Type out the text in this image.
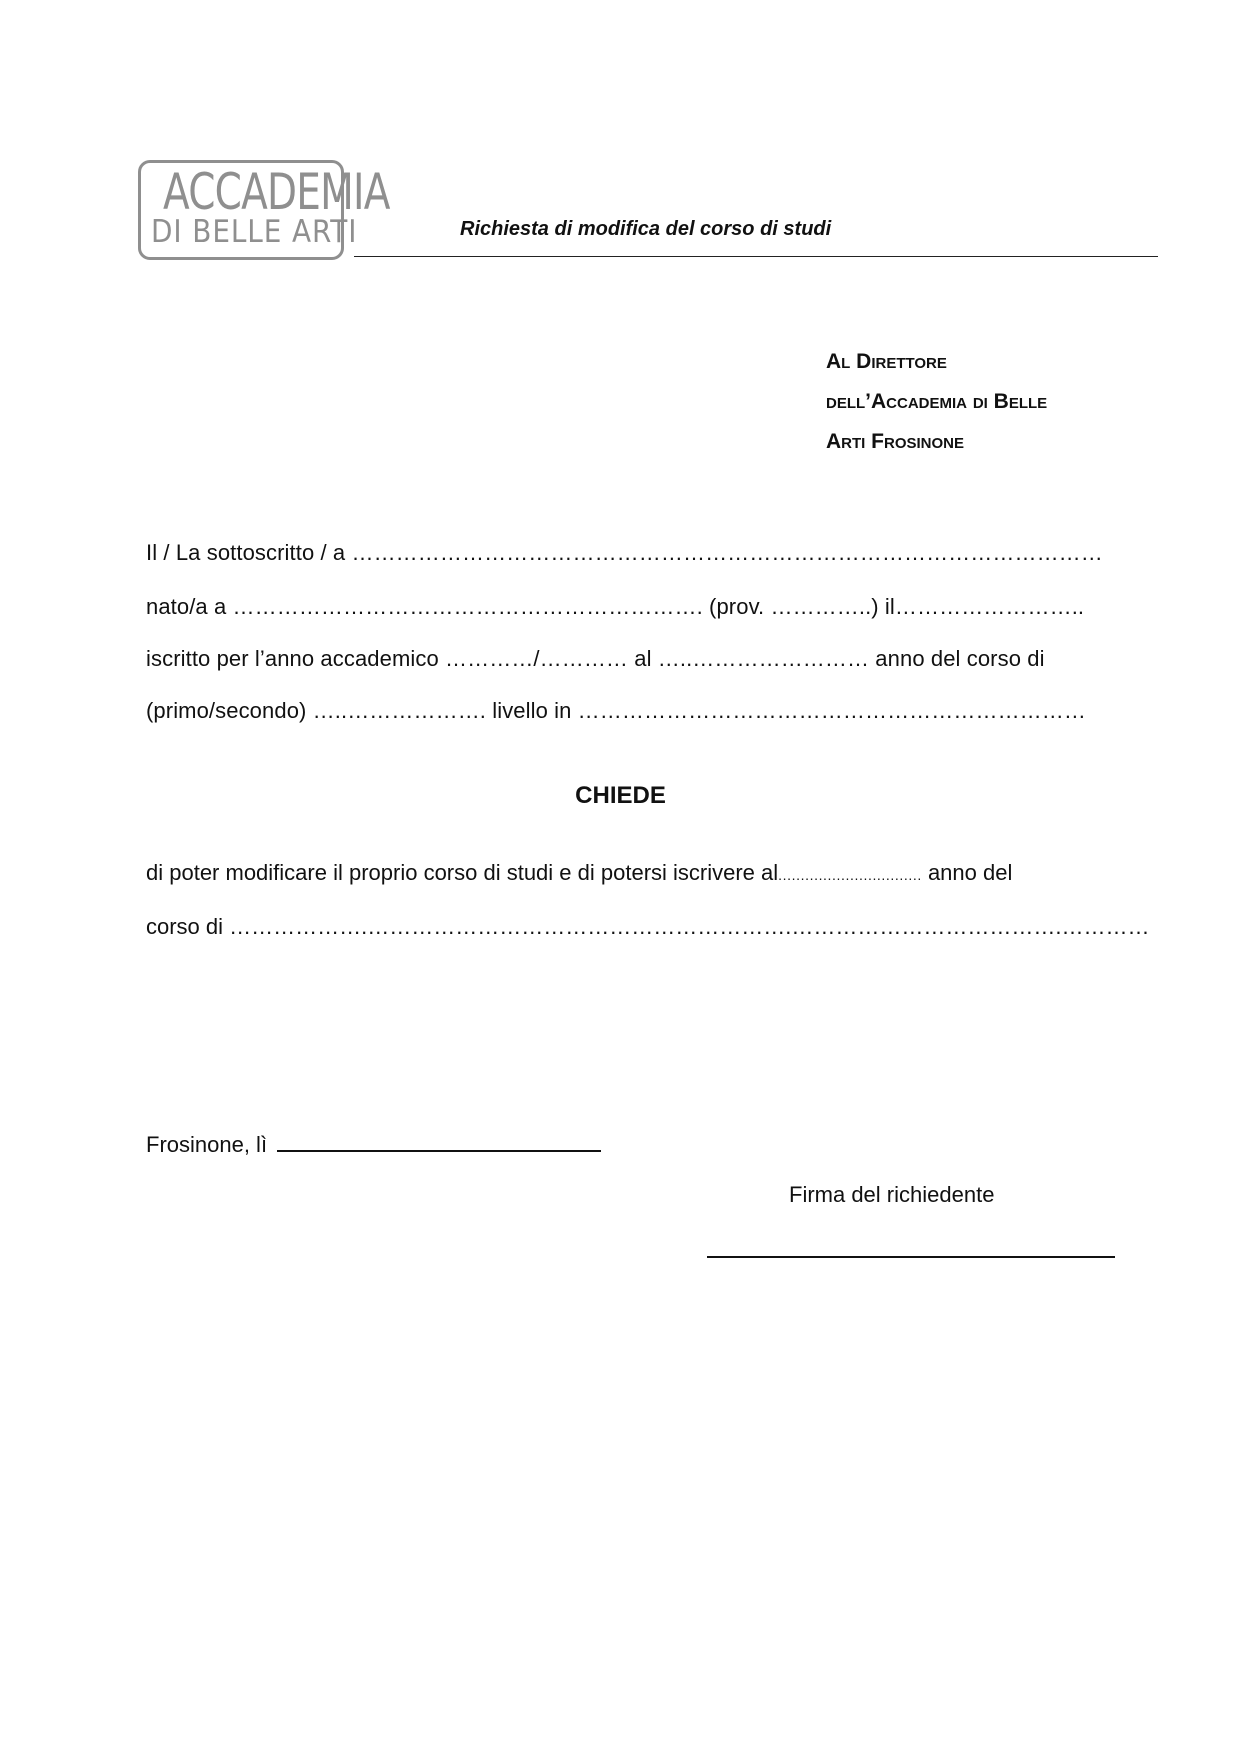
ACCADEMIA
DI BELLE ARTI	Richiesta di modifica del corso di studi
Al Direttore
dell’Accademia di Belle
Arti Frosinone
Il / La sottoscritto / a …………………………………………………………………………………………
nato/a a ………………………………………………………. (prov. …………..) il……………………..
iscritto per l’anno accademico …………/………… al …..…………………… anno del corso di
(primo/secondo) …..………………. livello in ……………………………………………………………
CHIEDE
di poter modificare il proprio corso di studi e di potersi iscrivere al................................ anno del
corso di ……………….………………………………………………….……………………………….…………
Frosinone, lì
Firma del richiedente
